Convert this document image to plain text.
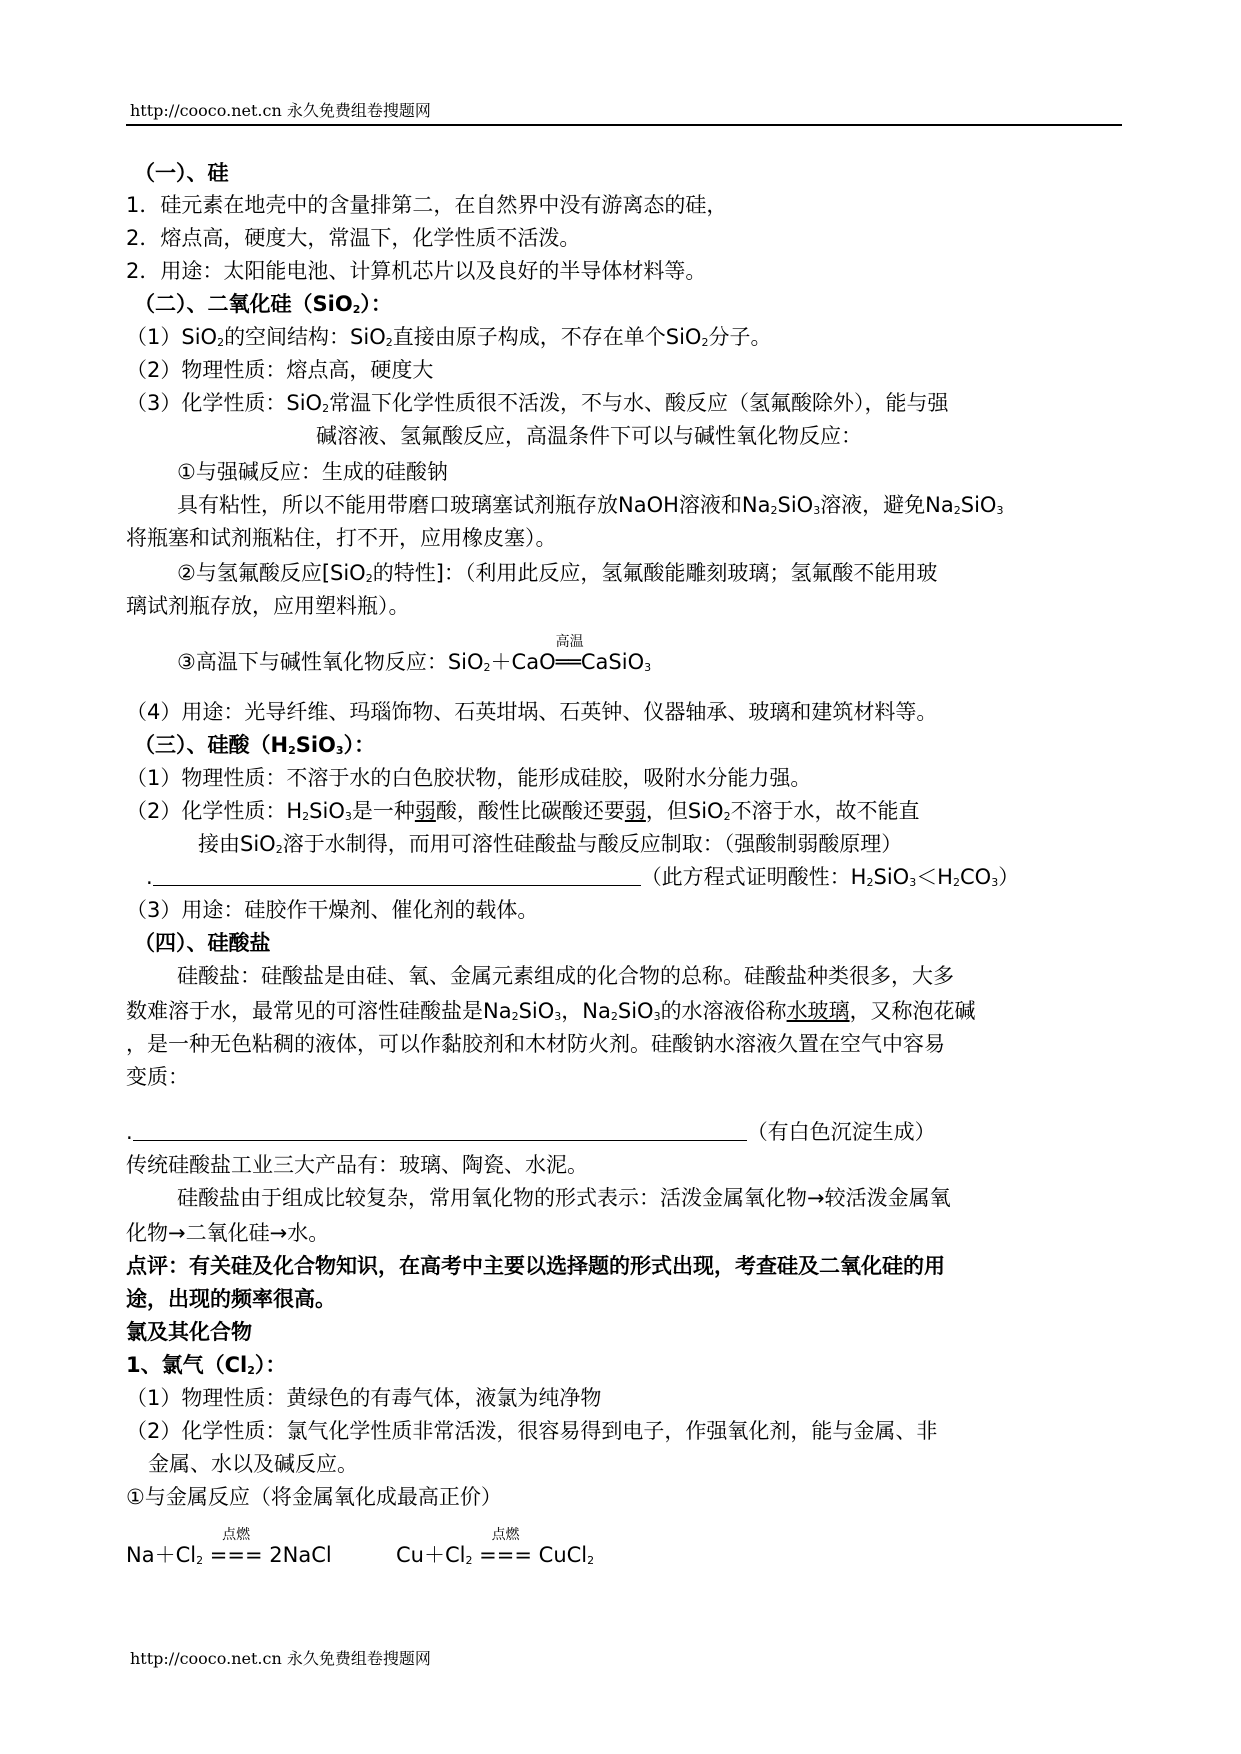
http://cooco.net.cn 永久免费组卷搜题网
（一）、硅
1．硅元素在地壳中的含量排第二，在自然界中没有游离态的硅，
2．熔点高，硬度大，常温下，化学性质不活泼。
2．用途：太阳能电池、计算机芯片以及良好的半导体材料等。
（二）、二氧化硅（SiO$_2$）：
（1）SiO$_2$的空间结构：SiO$_2$直接由原子构成，不存在单个SiO$_2$分子。
（2）物理性质：熔点高，硬度大
（3）化学性质：SiO$_2$常温下化学性质很不活泼，不与水、酸反应（氢氟酸除外），能与强
碱溶液、氢氟酸反应，高温条件下可以与碱性氧化物反应：
①与强碱反应：生成的硅酸钠
具有粘性，所以不能用带磨口玻璃塞试剂瓶存放NaOH溶液和$Na_2SiO_3$溶液，避免$Na_2SiO_3$
将瓶塞和试剂瓶粘住，打不开，应用橡皮塞）。
②与氢氟酸反应[SiO$_2$的特性]：（利用此反应，氢氟酸能雕刻玻璃；氢氟酸不能用玻
璃试剂瓶存放，应用塑料瓶）。
③高温下与碱性氧化物反应：SiO$_2$＋CaO
高温
══CaSiO$_3$
（4）用途：光导纤维、玛瑙饰物、石英坩埚、石英钟、仪器轴承、玻璃和建筑材料等。
（三）、硅酸$(H_2SiO_3)$：
（1）物理性质：不溶于水的白色胶状物，能形成硅胶，吸附水分能力强。
（2）化学性质：$H_2SiO_3$是一种弱酸，酸性比碳酸还要弱，但SiO$_2$不溶于水，故不能直
接由SiO$_2$溶于水制得，而用可溶性硅酸盐与酸反应制取：（强酸制弱酸原理）
.	（此方程式证明酸性：$H_2SiO_3<H_2CO_3$）
（3）用途：硅胶作干燥剂、催化剂的载体。
（四）、硅酸盐
硅酸盐：硅酸盐是由硅、氧、金属元素组成的化合物的总称。硅酸盐种类很多，大多
数难溶于水，最常见的可溶性硅酸盐是$Na_2SiO_3$，$Na_2SiO_3$的水溶液俗称水玻璃，又称泡花碱
，是一种无色粘稠的液体，可以作黏胶剂和木材防火剂。硅酸钠水溶液久置在空气中容易
变质：
.	（有白色沉淀生成）
传统硅酸盐工业三大产品有：玻璃、陶瓷、水泥。
硅酸盐由于组成比较复杂，常用氧化物的形式表示：活泼金属氧化物→较活泼金属氧
化物→二氧化硅→水。
点评：有关硅及化合物知识，在高考中主要以选择题的形式出现，考查硅及二氧化硅的用
途，出现的频率很高。
氯及其化合物
1、氯气$(Cl_2)$：
（1）物理性质：黄绿色的有毒气体，液氯为纯净物
（2）化学性质：氯气化学性质非常活泼，很容易得到电子，作强氧化剂，能与金属、非
金属、水以及碱反应。
①与金属反应（将金属氧化成最高正价）
$Na+Cl_2$
点燃
=== 2NaCl	$Cu+Cl_2$
点燃
=== CuCl$_2$
http://cooco.net.cn 永久免费组卷搜题网
